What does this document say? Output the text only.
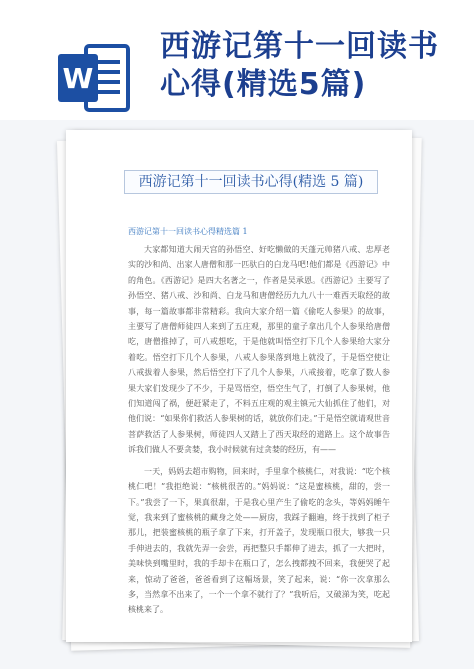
W
西游记第十一回读书心得(精选5篇)
西游记第十一回读书心得(精选 5 篇)
西游记第十一回读书心得精选篇 1

大家都知道大闹天宫的孙悟空、好吃懒做的天蓬元帅猪八戒、忠厚老实的沙和尚、出家人唐僧和那一匹驮白的白龙马吧!他们都是《西游记》中的角色。《西游记》是四大名著之一，作者是吴承恩。《西游记》主要写了孙悟空、猪八戒、沙和尚、白龙马和唐僧经历九九八十一难西天取经的故事，每一篇故事都非常精彩。我向大家介绍一篇《偷吃人参果》的故事，主要写了唐僧师徒四人来到了五庄观，那里的童子拿出几个人参果给唐僧吃，唐僧推掉了，可八戒想吃，于是他就叫悟空打下几个人参果给大家分着吃。悟空打下几个人参果，八戒人参果落到地上就没了，于是悟空使让八戒拔着人参果，然后悟空打下了几个人参果，八戒接着，吃拿了数人参果大家们发现少了不少，于是骂悟空，悟空生气了，打倒了人参果树，他们知道闯了祸，便赶紧走了，不料五庄观的观主镇元大仙抓住了他们，对他们说：“如果你们救活人参果树的话，就放你们走。”于是悟空就请观世音菩萨救活了人参果树，师徒四人又踏上了西天取经的道路上。这个故事告诉我们做人不要贪婪，我小时候就有过贪婪的经历，有——

一天，妈妈去超市购物，回来时，手里拿个核桃仁，对我说：“吃个核桃仁吧！”我拒绝说：“核桃很苦的。”妈妈说：“这是蜜核桃，甜的，尝一下。”我尝了一下，果真很甜，于是我心里产生了偷吃的念头，等妈妈睡午觉，我来到了蜜核桃的藏身之处——厨房，我踩子翻遍，终于找到了柜子那儿，把装蜜核桃的瓶子拿了下来，打开盖子，发现瓶口很大，够我一只手伸进去的，我就先弄一会尝，再把整只手都伸了进去，抓了一大把时，美味快到嘴里时，我的手却卡在瓶口了，怎么拽都拽不回来，我便哭了起来，惊动了爸爸，爸爸看到了这幅场景，笑了起来，说：“你一次拿那么多，当然拿不出来了，一个一个拿不就行了？”我听后，又破涕为笑，吃起核桃来了。
